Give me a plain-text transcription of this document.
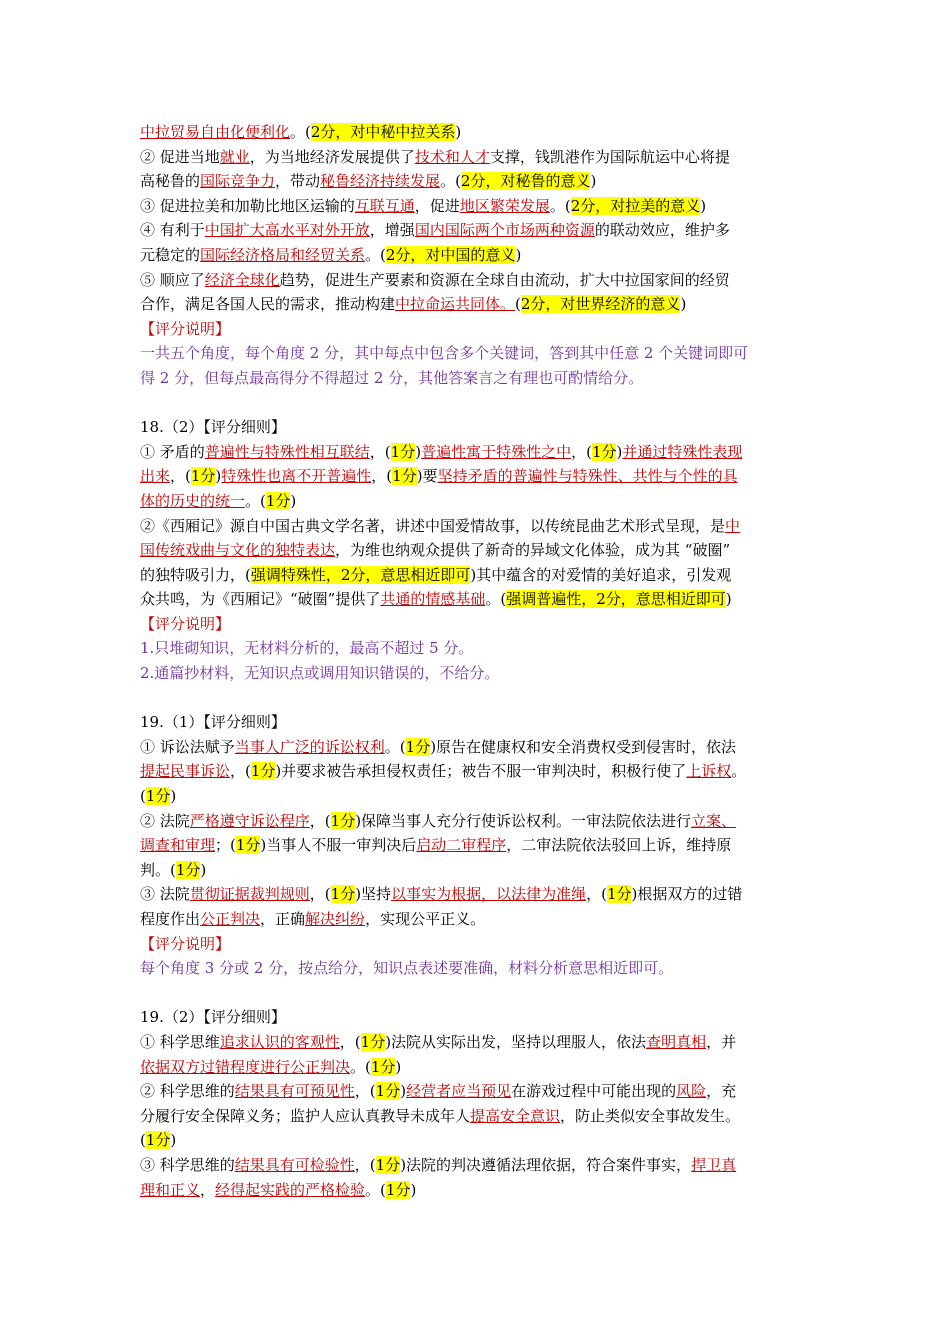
中拉贸易自由化便利化。(2分，对中秘中拉关系)
② 促进当地就业，为当地经济发展提供了技术和人才支撑，钱凯港作为国际航运中心将提
高秘鲁的国际竞争力，带动秘鲁经济持续发展。(2分，对秘鲁的意义)
③ 促进拉美和加勒比地区运输的互联互通，促进地区繁荣发展。(2分，对拉美的意义)
④ 有利于中国扩大高水平对外开放，增强国内国际两个市场两种资源的联动效应，维护多
元稳定的国际经济格局和经贸关系。(2分，对中国的意义)
⑤ 顺应了经济全球化趋势，促进生产要素和资源在全球自由流动，扩大中拉国家间的经贸
合作，满足各国人民的需求，推动构建中拉命运共同体。(2分，对世界经济的意义)
【评分说明】
一共五个角度，每个角度 2 分，其中每点中包含多个关键词，答到其中任意 2 个关键词即可
得 2 分，但每点最高得分不得超过 2 分，其他答案言之有理也可酌情给分。
18.（2）【评分细则】
① 矛盾的普遍性与特殊性相互联结，(1分)普遍性寓于特殊性之中，(1分)并通过特殊性表现
出来，(1分)特殊性也离不开普遍性，(1分)要坚持矛盾的普遍性与特殊性、共性与个性的具
体的历史的统一。(1分)
②《西厢记》源自中国古典文学名著，讲述中国爱情故事，以传统昆曲艺术形式呈现，是中
国传统戏曲与文化的独特表达，为维也纳观众提供了新奇的异域文化体验，成为其 “破圈”
的独特吸引力，(强调特殊性，2分，意思相近即可)其中蕴含的对爱情的美好追求，引发观
众共鸣，为《西厢记》“破圈”提供了共通的情感基础。(强调普遍性，2分，意思相近即可)
【评分说明】
1.只堆砌知识，无材料分析的，最高不超过 5 分。
2.通篇抄材料，无知识点或调用知识错误的，不给分。
19.（1）【评分细则】
① 诉讼法赋予当事人广泛的诉讼权利。(1分)原告在健康权和安全消费权受到侵害时，依法
提起民事诉讼，(1分)并要求被告承担侵权责任；被告不服一审判决时，积极行使了上诉权。
(1分)
② 法院严格遵守诉讼程序，(1分)保障当事人充分行使诉讼权利。一审法院依法进行立案、
调查和审理；(1分)当事人不服一审判决后启动二审程序，二审法院依法驳回上诉，维持原
判。(1分)
③ 法院贯彻证据裁判规则，(1分)坚持以事实为根据，以法律为准绳，(1分)根据双方的过错
程度作出公正判决，正确解决纠纷，实现公平正义。
【评分说明】
每个角度 3 分或 2 分，按点给分，知识点表述要准确，材料分析意思相近即可。
19.（2）【评分细则】
① 科学思维追求认识的客观性，(1分)法院从实际出发，坚持以理服人，依法查明真相，并
依据双方过错程度进行公正判决。(1分)
② 科学思维的结果具有可预见性，(1分)经营者应当预见在游戏过程中可能出现的风险，充
分履行安全保障义务；监护人应认真教导未成年人提高安全意识，防止类似安全事故发生。
(1分)
③ 科学思维的结果具有可检验性，(1分)法院的判决遵循法理依据，符合案件事实，捍卫真
理和正义，经得起实践的严格检验。(1分)
